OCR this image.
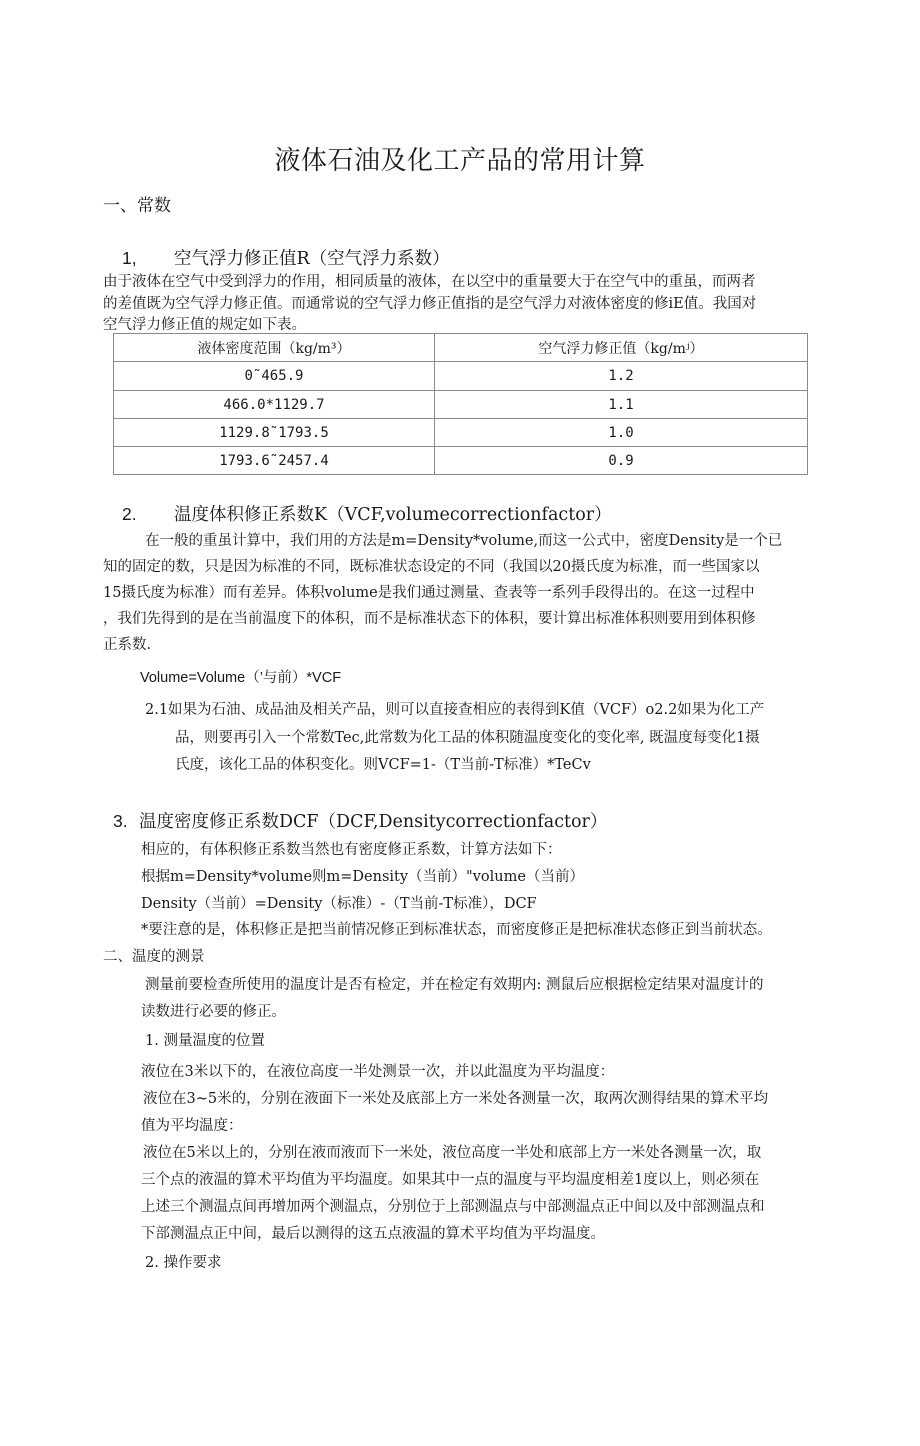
液体石油及化工产品的常用计算
一、常数
1, 空气浮力修正值R（空气浮力系数）
由于液体在空气中受到浮力的作用，相同质量的液体，在以空中的重量要大于在空气中的重虽，而两者
的差值既为空气浮力修正值。而通常说的空气浮力修正值指的是空气浮力对液体密度的修iE值。我国对
空气浮力修正值的规定如下表。
液体密度范围（kg/m³）	空气浮力修正值（kg/mʲ）
0˜465.9	1.2
466.0*1129.7	1.1
1129.8˜1793.5	1.0
1793.6˜2457.4	0.9
2. 温度体积修正系数K（VCF,volumecorrectionfactor）
在一般的重虽计算中，我们用的方法是m=Density*volume,而这一公式中，密度Density是一个已
知的固定的数，只是因为标准的不同，既标准状态设定的不同（我国以20摄氏度为标准，而一些国家以
15摄氏度为标准）而有差异。体积volume是我们通过测量、查表等一系列手段得出的。在这一过程中
，我们先得到的是在当前温度下的体积，而不是标准状态下的体积，要计算出标准体积则要用到体积修
正系数.
Volume=Volume（’与前）*VCF
2.1如果为石油、成品油及相关产品，则可以直接查相应的表得到K值（VCF）o2.2如果为化工产
品，则要再引入一个常数Tec,此常数为化工品的体积随温度变化的变化率, 既温度每变化1摄
氏度，该化工品的体积变化。则VCF=1-（T当前-T标准）*TeCv
3. 温度密度修正系数DCF（DCF,Densitycorrectionfactor）
相应的，有体积修正系数当然也有密度修正系数，计算方法如下：
根据m=Density*volume则m=Density（当前）"volume（当前）
Density（当前）=Density（标准）-（T当前-T标准），DCF
*要注意的是，体积修正是把当前情况修正到标准状态，而密度修正是把标准状态修正到当前状态。
二、温度的测景
测量前要检查所使用的温度计是否有检定，并在检定有效期内: 测鼠后应根据检定结果对温度计的
读数进行必要的修正。
1. 测量温度的位置
液位在3米以下的，在液位高度一半处测景一次，并以此温度为平均温度：
液位在3~5米的，分别在液面下一米处及底部上方一米处各测量一次，取两次测得结果的算术平均
值为平均温度：
液位在5米以上的，分别在液而液而下一米处，液位高度一半处和底部上方一米处各测量一次，取
三个点的液温的算术平均值为平均温度。如果其中一点的温度与平均温度相差1度以上，则必须在
上述三个测温点间再增加两个测温点，分别位于上部测温点与中部测温点正中间以及中部测温点和
下部测温点正中间，最后以测得的这五点液温的算术平均值为平均温度。
2. 操作要求
